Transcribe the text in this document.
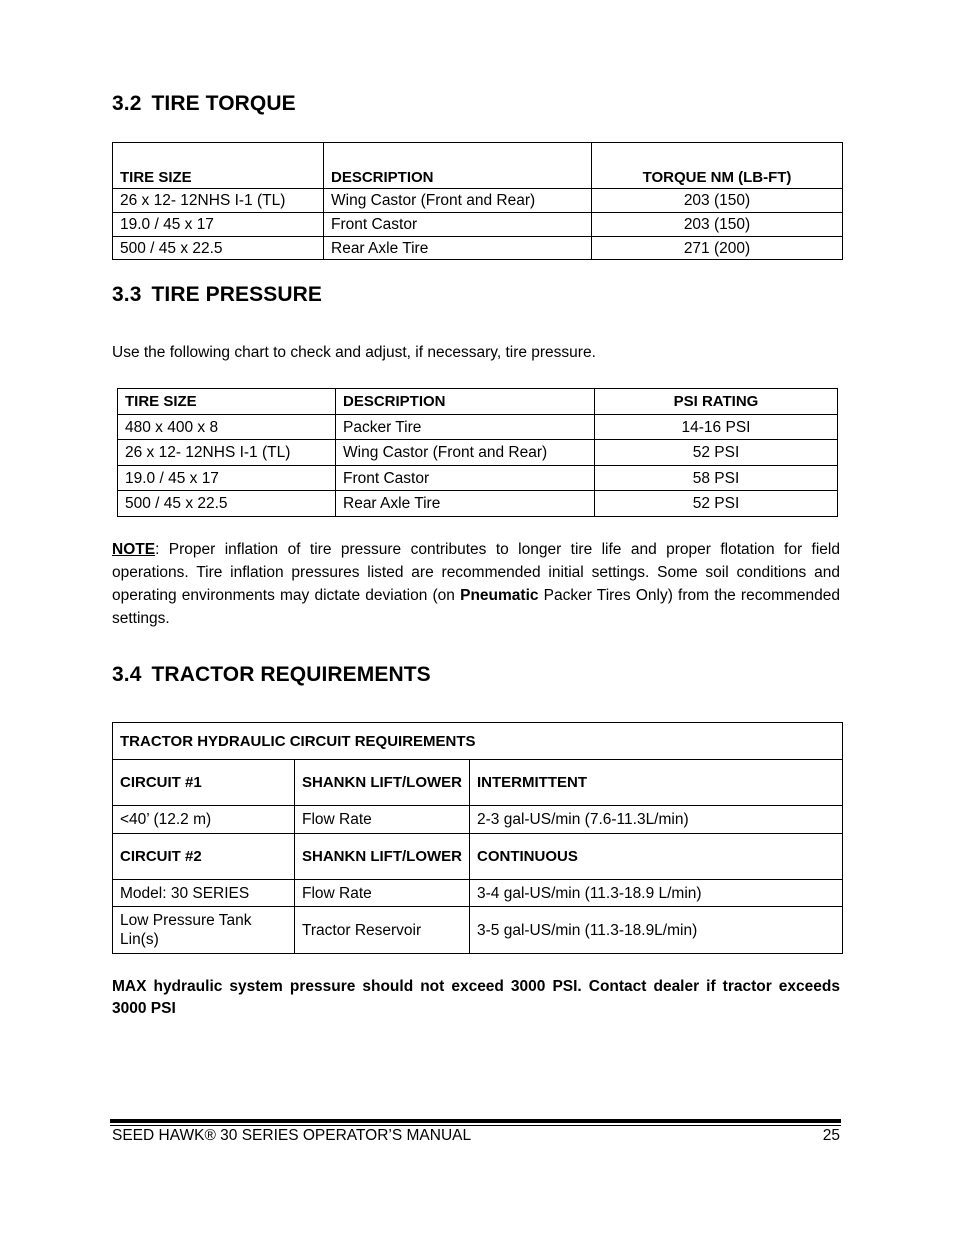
3.2 TIRE TORQUE
TIRE SIZE	DESCRIPTION	TORQUE NM (LB-FT)
26 x 12- 12NHS I-1 (TL)	Wing Castor (Front and Rear)	203 (150)
19.0 / 45 x 17	Front Castor	203 (150)
500 / 45 x 22.5	Rear Axle Tire	271 (200)
3.3 TIRE PRESSURE

Use the following chart to check and adjust, if necessary, tire pressure.

TIRE SIZE	DESCRIPTION	PSI RATING
480 x 400 x 8	Packer Tire	14-16 PSI
26 x 12- 12NHS I-1 (TL)	Wing Castor (Front and Rear)	52 PSI
19.0 / 45 x 17	Front Castor	58 PSI
500 / 45 x 22.5	Rear Axle Tire	52 PSI

NOTE: Proper inflation of tire pressure contributes to longer tire life and proper flotation for field operations. Tire inflation pressures listed are recommended initial settings. Some soil conditions and operating environments may dictate deviation (on Pneumatic Packer Tires Only) from the recommended settings.

3.4 TRACTOR REQUIREMENTS
TRACTOR HYDRAULIC CIRCUIT REQUIREMENTS		
CIRCUIT #1	SHANKN LIFT/LOWER	INTERMITTENT
<40’ (12.2 m)	Flow Rate	2-3 gal-US/min (7.6-11.3L/min)
CIRCUIT #2	SHANKN LIFT/LOWER	CONTINUOUS
Model: 30 SERIES	Flow Rate	3-4 gal-US/min (11.3-18.9 L/min)
Low Pressure Tank Lin(s)	Tractor Reservoir	3-5 gal-US/min (11.3-18.9L/min)

MAX hydraulic system pressure should not exceed 3000 PSI. Contact dealer if tractor exceeds 3000 PSI

SEED HAWK® 30 SERIES OPERATOR’S MANUAL	25
